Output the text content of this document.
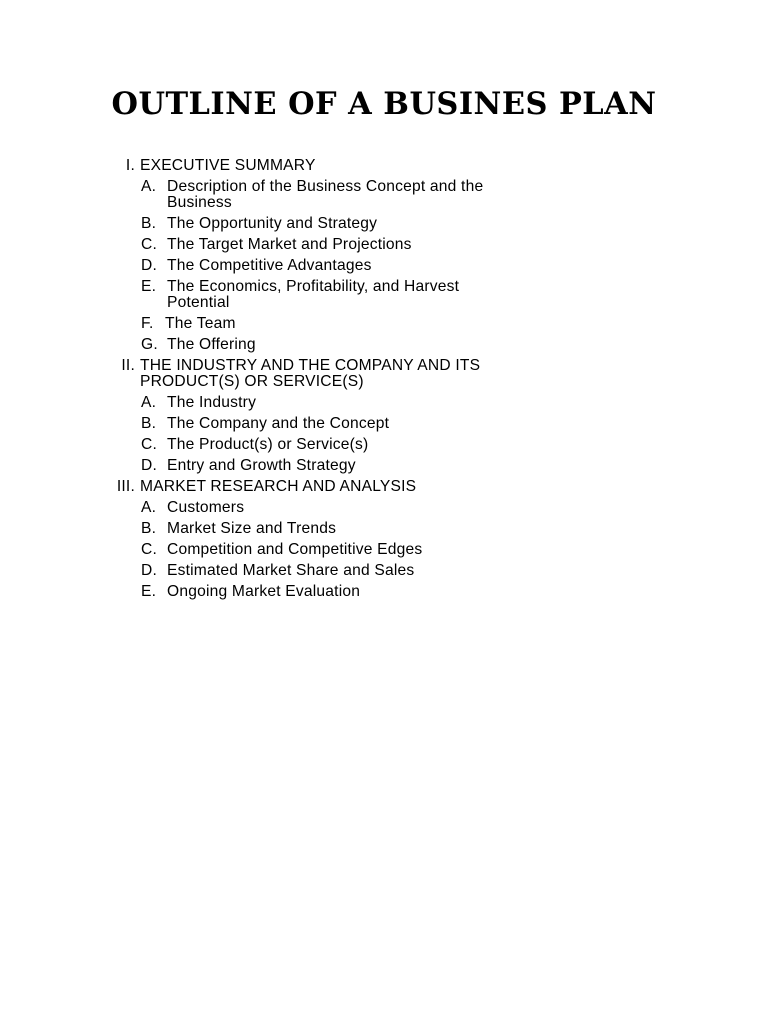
OUTLINE OF A BUSINES PLAN
I. EXECUTIVE SUMMARY
A. Description of the Business Concept and the
Business
B. The Opportunity and Strategy
C. The Target Market and Projections
D. The Competitive Advantages
E. The Economics, Profitability, and Harvest
Potential
F. The Team
G. The Offering
II. THE INDUSTRY AND THE COMPANY AND ITS
PRODUCT(S) OR SERVICE(S)
A. The Industry
B. The Company and the Concept
C. The Product(s) or Service(s)
D. Entry and Growth Strategy
III. MARKET RESEARCH AND ANALYSIS
A. Customers
B. Market Size and Trends
C. Competition and Competitive Edges
D. Estimated Market Share and Sales
E. Ongoing Market Evaluation
